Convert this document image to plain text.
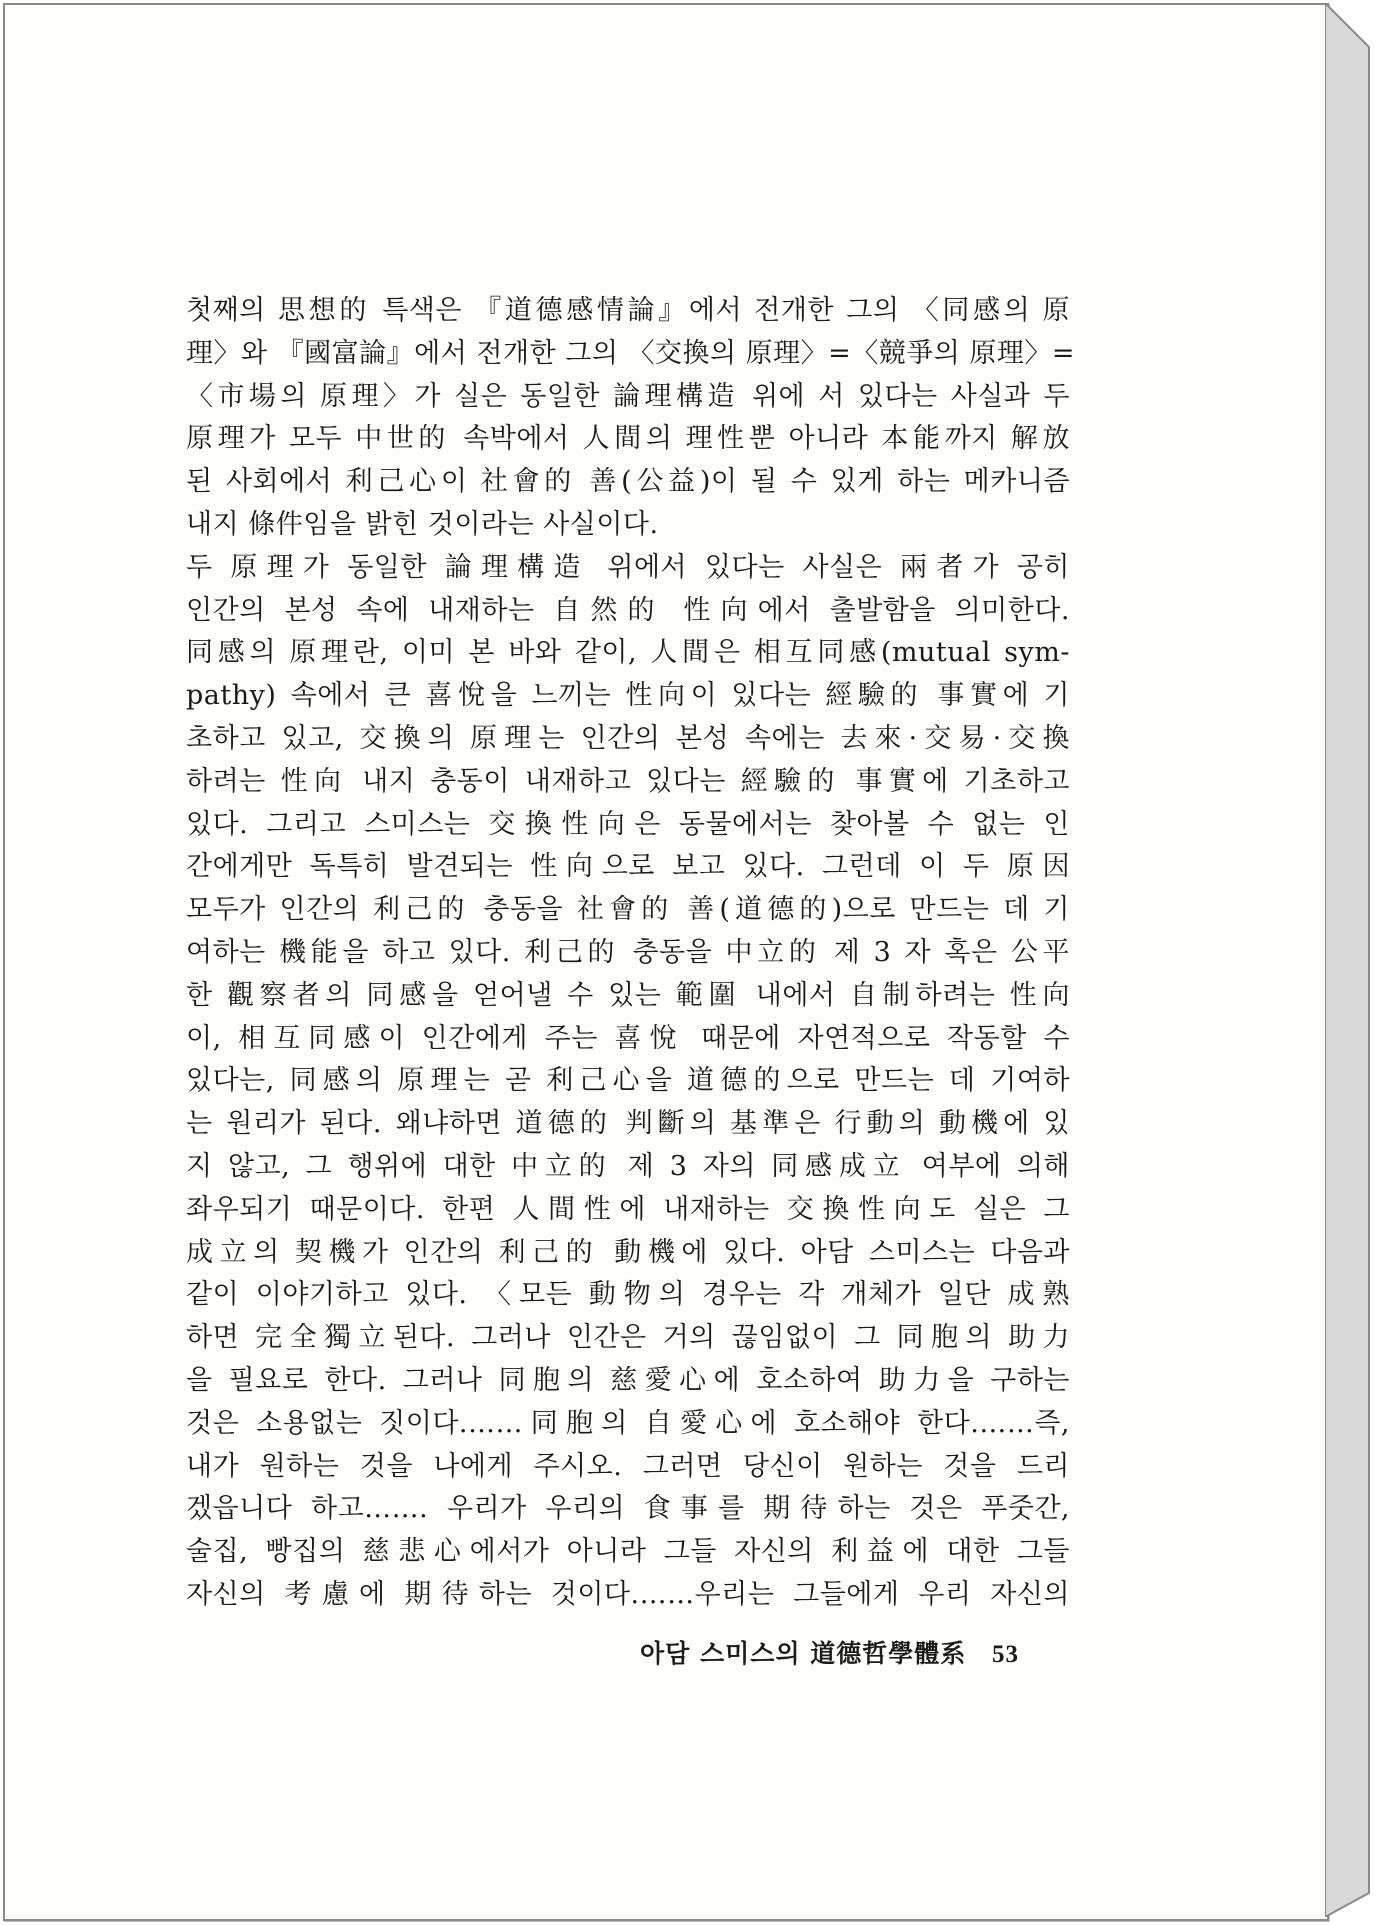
첫째의 思想的 특색은 『道德感情論』에서 전개한 그의 〈同感의 原
理〉와 『國富論』에서 전개한 그의 〈交換의 原理〉=〈競爭의 原理〉=
〈市場의 原理〉가 실은 동일한 論理構造 위에 서 있다는 사실과 두
原理가 모두 中世的 속박에서 人間의 理性뿐 아니라 本能까지 解放
된 사회에서 利己心이 社會的 善(公益)이 될 수 있게 하는 메카니즘
내지 條件임을 밝힌 것이라는 사실이다.

두 原理가 동일한 論理構造 위에서 있다는 사실은 兩者가 공히
인간의 본성 속에 내재하는 自然的 性向에서 출발함을 의미한다.
同感의 原理란, 이미 본 바와 같이, 人間은 相互同感(mutual sym-
pathy) 속에서 큰 喜悅을 느끼는 性向이 있다는 經驗的 事實에 기
초하고 있고, 交換의 原理는 인간의 본성 속에는 去來·交易·交換
하려는 性向 내지 충동이 내재하고 있다는 經驗的 事實에 기초하고
있다. 그리고 스미스는 交換性向은 동물에서는 찾아볼 수 없는 인
간에게만 독특히 발견되는 性向으로 보고 있다. 그런데 이 두 原因
모두가 인간의 利己的 충동을 社會的 善(道德的)으로 만드는 데 기
여하는 機能을 하고 있다. 利己的 충동을 中立的 제 3 자 혹은 公平
한 觀察者의 同感을 얻어낼 수 있는 範圍 내에서 自制하려는 性向
이, 相互同感이 인간에게 주는 喜悅 때문에 자연적으로 작동할 수
있다는, 同感의 原理는 곧 利己心을 道德的으로 만드는 데 기여하
는 원리가 된다. 왜냐하면 道德的 判斷의 基準은 行動의 動機에 있
지 않고, 그 행위에 대한 中立的 제 3 자의 同感成立 여부에 의해
좌우되기 때문이다. 한편 人間性에 내재하는 交換性向도 실은 그
成立의 契機가 인간의 利己的 動機에 있다. 아담 스미스는 다음과
같이 이야기하고 있다. 〈모든 動物의 경우는 각 개체가 일단 成熟
하면 完全獨立된다. 그러나 인간은 거의 끊임없이 그 同胞의 助力
을 필요로 한다. 그러나 同胞의 慈愛心에 호소하여 助力을 구하는
것은 소용없는 짓이다.……同胞의 自愛心에 호소해야 한다.……즉,
내가 원하는 것을 나에게 주시오. 그러면 당신이 원하는 것을 드리
겠읍니다 하고……. 우리가 우리의 食事를 期待하는 것은 푸줏간,
술집, 빵집의 慈悲心에서가 아니라 그들 자신의 利益에 대한 그들
자신의 考慮에 期待하는 것이다.……우리는 그들에게 우리 자신의

아담 스미스의 道德哲學體系 53
